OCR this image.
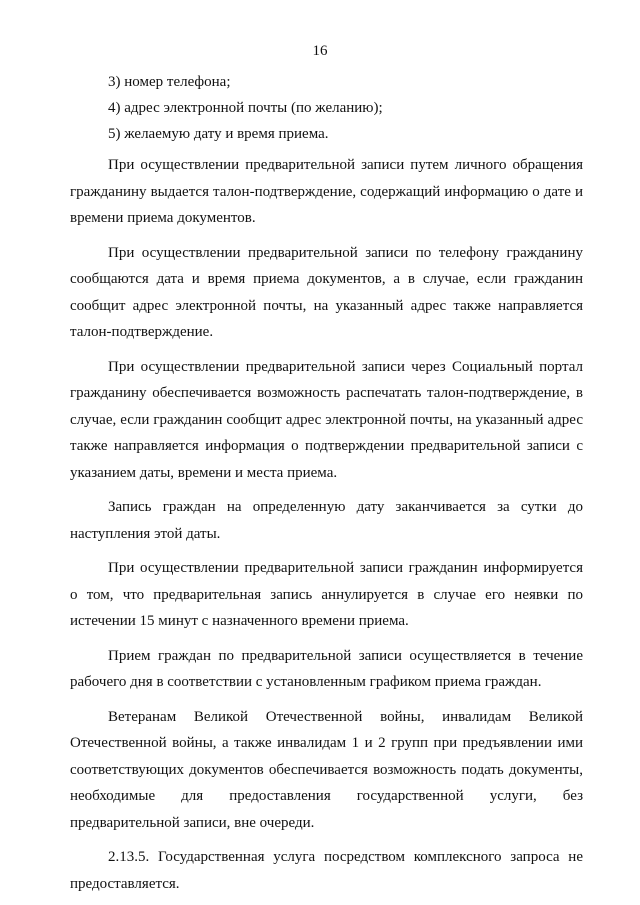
16
3) номер телефона;
4) адрес электронной почты (по желанию);
5) желаемую дату и время приема.

При осуществлении предварительной записи путем личного обращения гражданину выдается талон-подтверждение, содержащий информацию о дате и времени приема документов.

При осуществлении предварительной записи по телефону гражданину сообщаются дата и время приема документов, а в случае, если гражданин сообщит адрес электронной почты, на указанный адрес также направляется талон-подтверждение.

При осуществлении предварительной записи через Социальный портал гражданину обеспечивается возможность распечатать талон-подтверждение, в случае, если гражданин сообщит адрес электронной почты, на указанный адрес также направляется информация о подтверждении предварительной записи с указанием даты, времени и места приема.

Запись граждан на определенную дату заканчивается за сутки до наступления этой даты.

При осуществлении предварительной записи гражданин информируется о том, что предварительная запись аннулируется в случае его неявки по истечении 15 минут с назначенного времени приема.

Прием граждан по предварительной записи осуществляется в течение рабочего дня в соответствии с установленным графиком приема граждан.

Ветеранам Великой Отечественной войны, инвалидам Великой Отечественной войны, а также инвалидам 1 и 2 групп при предъявлении ими соответствующих документов обеспечивается возможность подать документы, необходимые для предоставления государственной услуги, без предварительной записи, вне очереди.

2.13.5. Государственная услуга посредством комплексного запроса не предоставляется.
